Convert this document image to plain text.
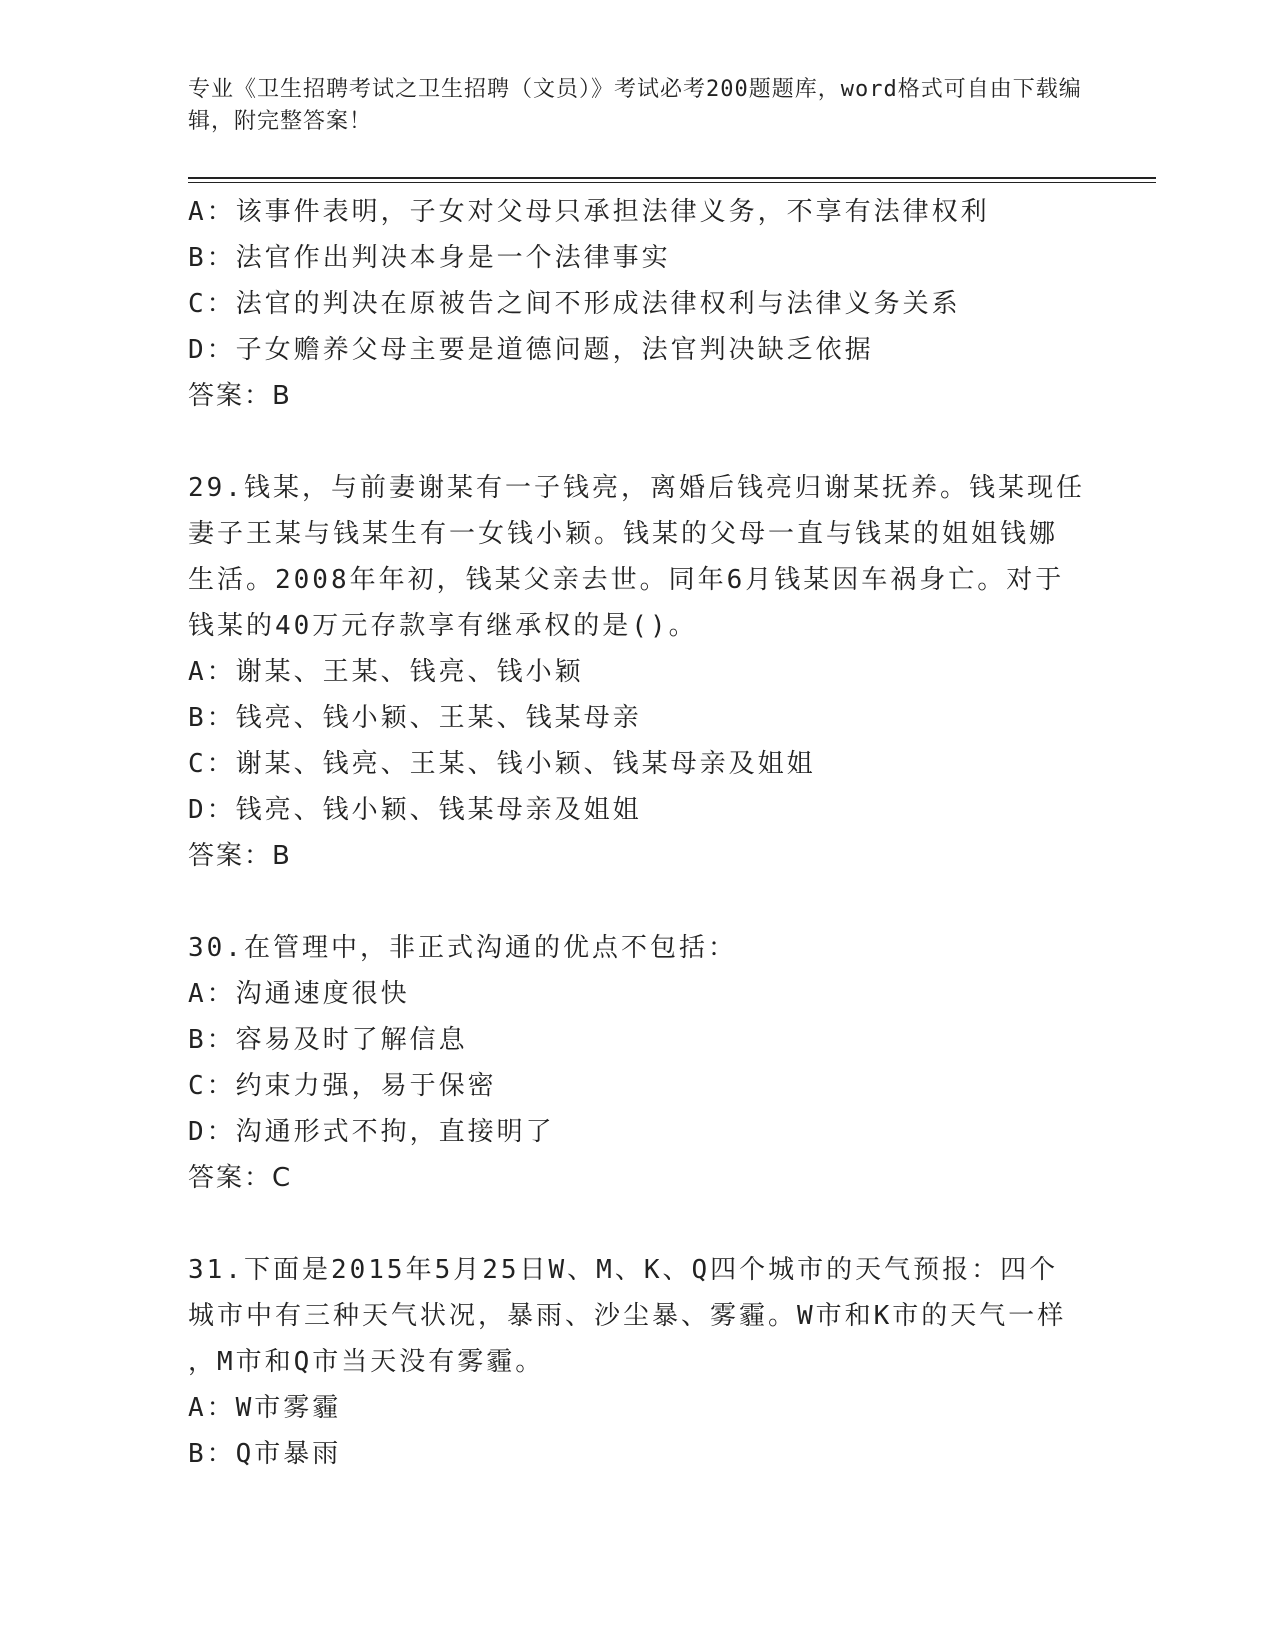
专业《卫生招聘考试之卫生招聘（文员）》考试必考200题题库，word格式可自由下载编辑，附完整答案！

A：该事件表明，子女对父母只承担法律义务，不享有法律权利

B：法官作出判决本身是一个法律事实

C：法官的判决在原被告之间不形成法律权利与法律义务关系

D：子女赡养父母主要是道德问题，法官判决缺乏依据

答案：B

29.钱某，与前妻谢某有一子钱亮，离婚后钱亮归谢某抚养。钱某现任

妻子王某与钱某生有一女钱小颖。钱某的父母一直与钱某的姐姐钱娜

生活。2008年年初，钱某父亲去世。同年6月钱某因车祸身亡。对于

钱某的40万元存款享有继承权的是()。

A：谢某、王某、钱亮、钱小颖

B：钱亮、钱小颖、王某、钱某母亲

C：谢某、钱亮、王某、钱小颖、钱某母亲及姐姐

D：钱亮、钱小颖、钱某母亲及姐姐

答案：B

30.在管理中，非正式沟通的优点不包括：

A：沟通速度很快

B：容易及时了解信息

C：约束力强，易于保密

D：沟通形式不拘，直接明了

答案：C

31.下面是2015年5月25日W、M、K、Q四个城市的天气预报：四个

城市中有三种天气状况，暴雨、沙尘暴、雾霾。W市和K市的天气一样

，M市和Q市当天没有雾霾。

A：W市雾霾

B：Q市暴雨
